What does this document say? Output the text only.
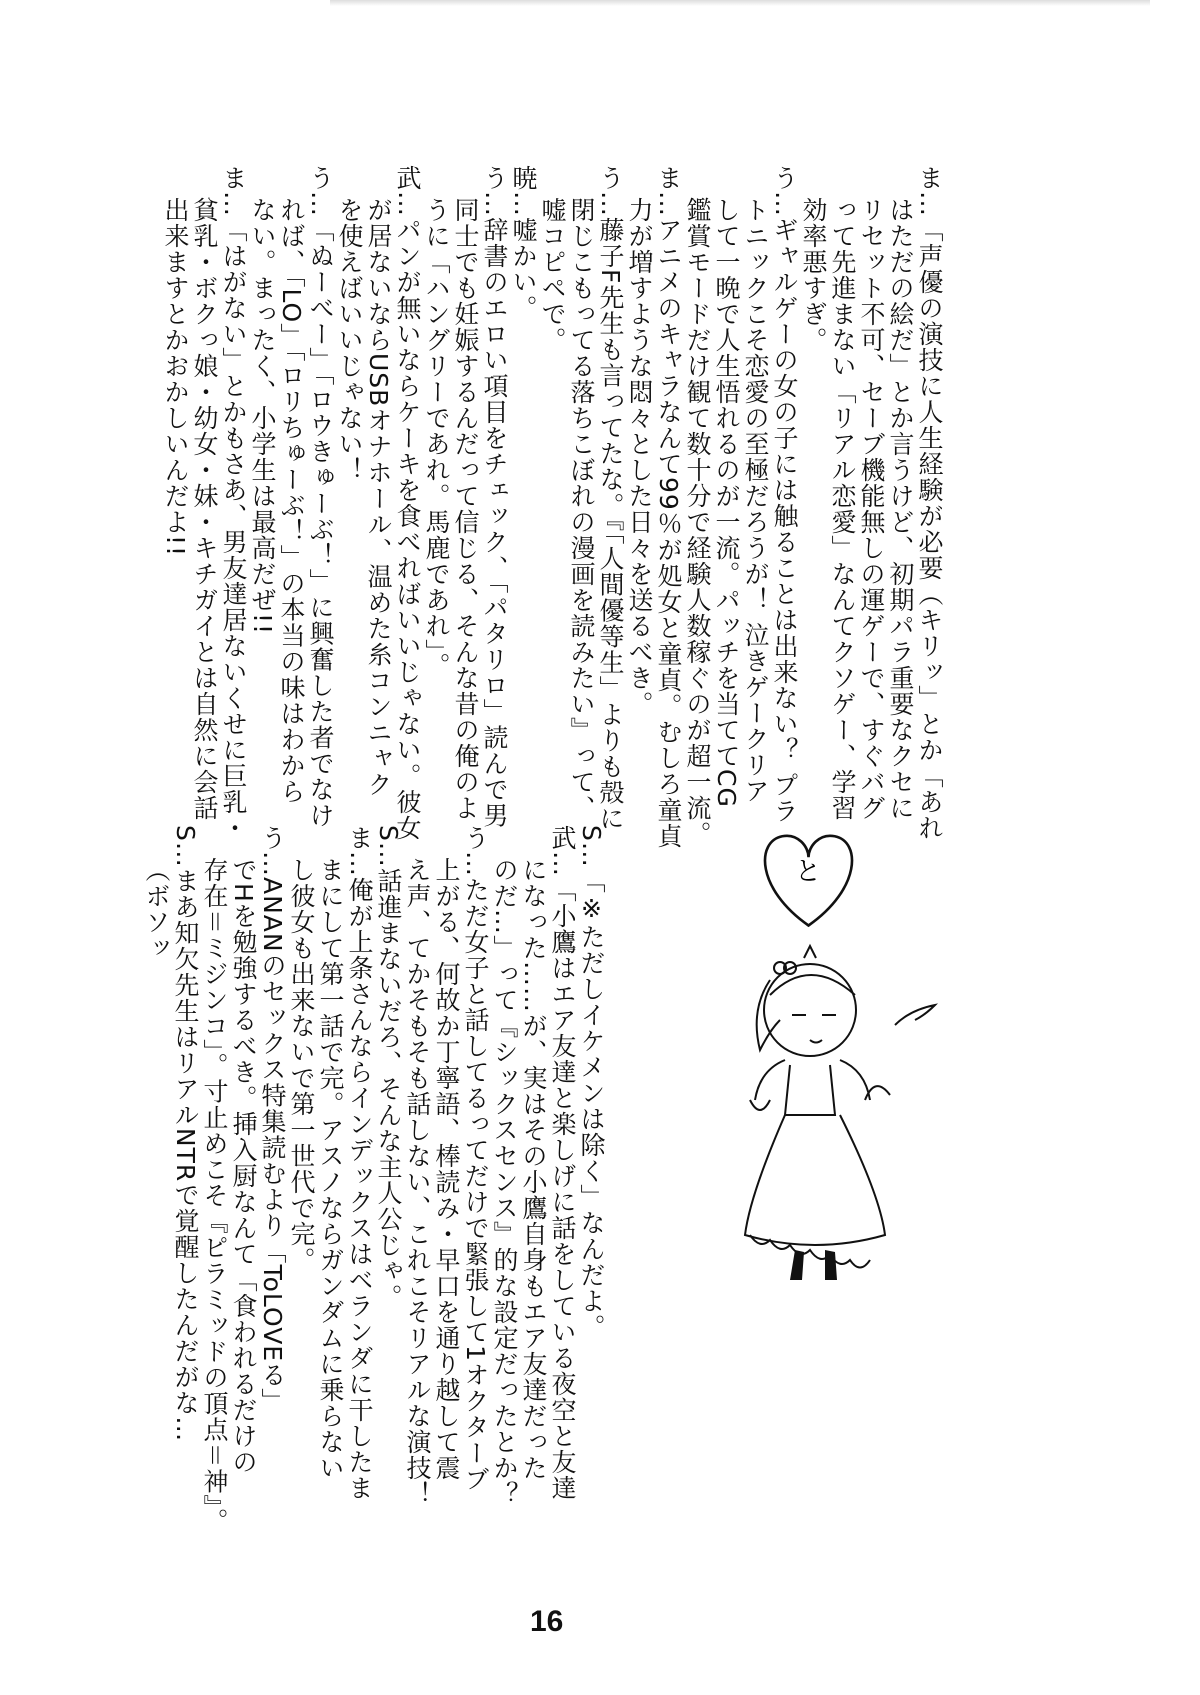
ま…「声優の演技に人生経験が必要（キリッ」とか「あれ
はただの絵だ」とか言うけど、初期パラ重要なクセに
リセット不可、セーブ機能無しの運ゲーで、すぐバグ
って先進まない「リアル恋愛」なんてクソゲー、学習
効率悪すぎ。
う…ギャルゲーの女の子には触ることは出来ない？ プラ
トニックこそ恋愛の至極だろうが！ 泣きゲークリア
して一晩で人生悟れるのが一流。パッチを当ててCG
鑑賞モードだけ観て数十分で経験人数稼ぐのが超一流。
ま…アニメのキャラなんて99％が処女と童貞。むしろ童貞
力が増すような悶々とした日々を送るべき。
う…藤子F先生も言ってたな。『「人間優等生」よりも殻に
閉じこもってる落ちこぼれの漫画を読みたい』って、
嘘コピペで。
暁…嘘かい。
う…辞書のエロい項目をチェック、「パタリロ」読んで男
同士でも妊娠するんだって信じる、そんな昔の俺のよ
うに「ハングリーであれ。馬鹿であれ」。
武…パンが無いならケーキを食べればいいじゃない。彼女
が居ないならUSBオナホール、温めた糸コンニャク
を使えばいいじゃない！
う…「ぬーべー」「ロウきゅーぶ！」に興奮した者でなけ
れば、「LO」「ロリちゅーぶ！」の本当の味はわから
ない。まったく、小学生は最高だぜ!!
ま…「はがない」とかもさあ、男友達居ないくせに巨乳・
貧乳・ボクっ娘・幼女・妹・キチガイとは自然に会話
出来ますとかおかしいんだよ!!
S…「※ただしイケメンは除く」なんだよ。
武…「小鷹はエア友達と楽しげに話をしている夜空と友達
になった……が、実はその小鷹自身もエア友達だった
のだ…」って『シックスセンス』的な設定だったとか？
う…ただ女子と話してるってだけで緊張して1オクターブ
上がる、何故か丁寧語、棒読み・早口を通り越して震
え声、てかそもそも話しない、これこそリアルな演技！
S…話進まないだろ、そんな主人公じゃ。
ま…俺が上条さんならインデックスはベランダに干したま
まにして第一話で完。アスノならガンダムに乗らない
し彼女も出来ないで第一世代で完。
う…ANANのセックス特集読むより「ToLOVEる」
でHを勉強するべき。挿入厨なんて「食われるだけの
存在＝ミジンコ」。寸止めこそ『ピラミッドの頂点＝神』。
S…まあ知欠先生はリアルNTRで覚醒したんだがな…
（ボソッ	と
16
